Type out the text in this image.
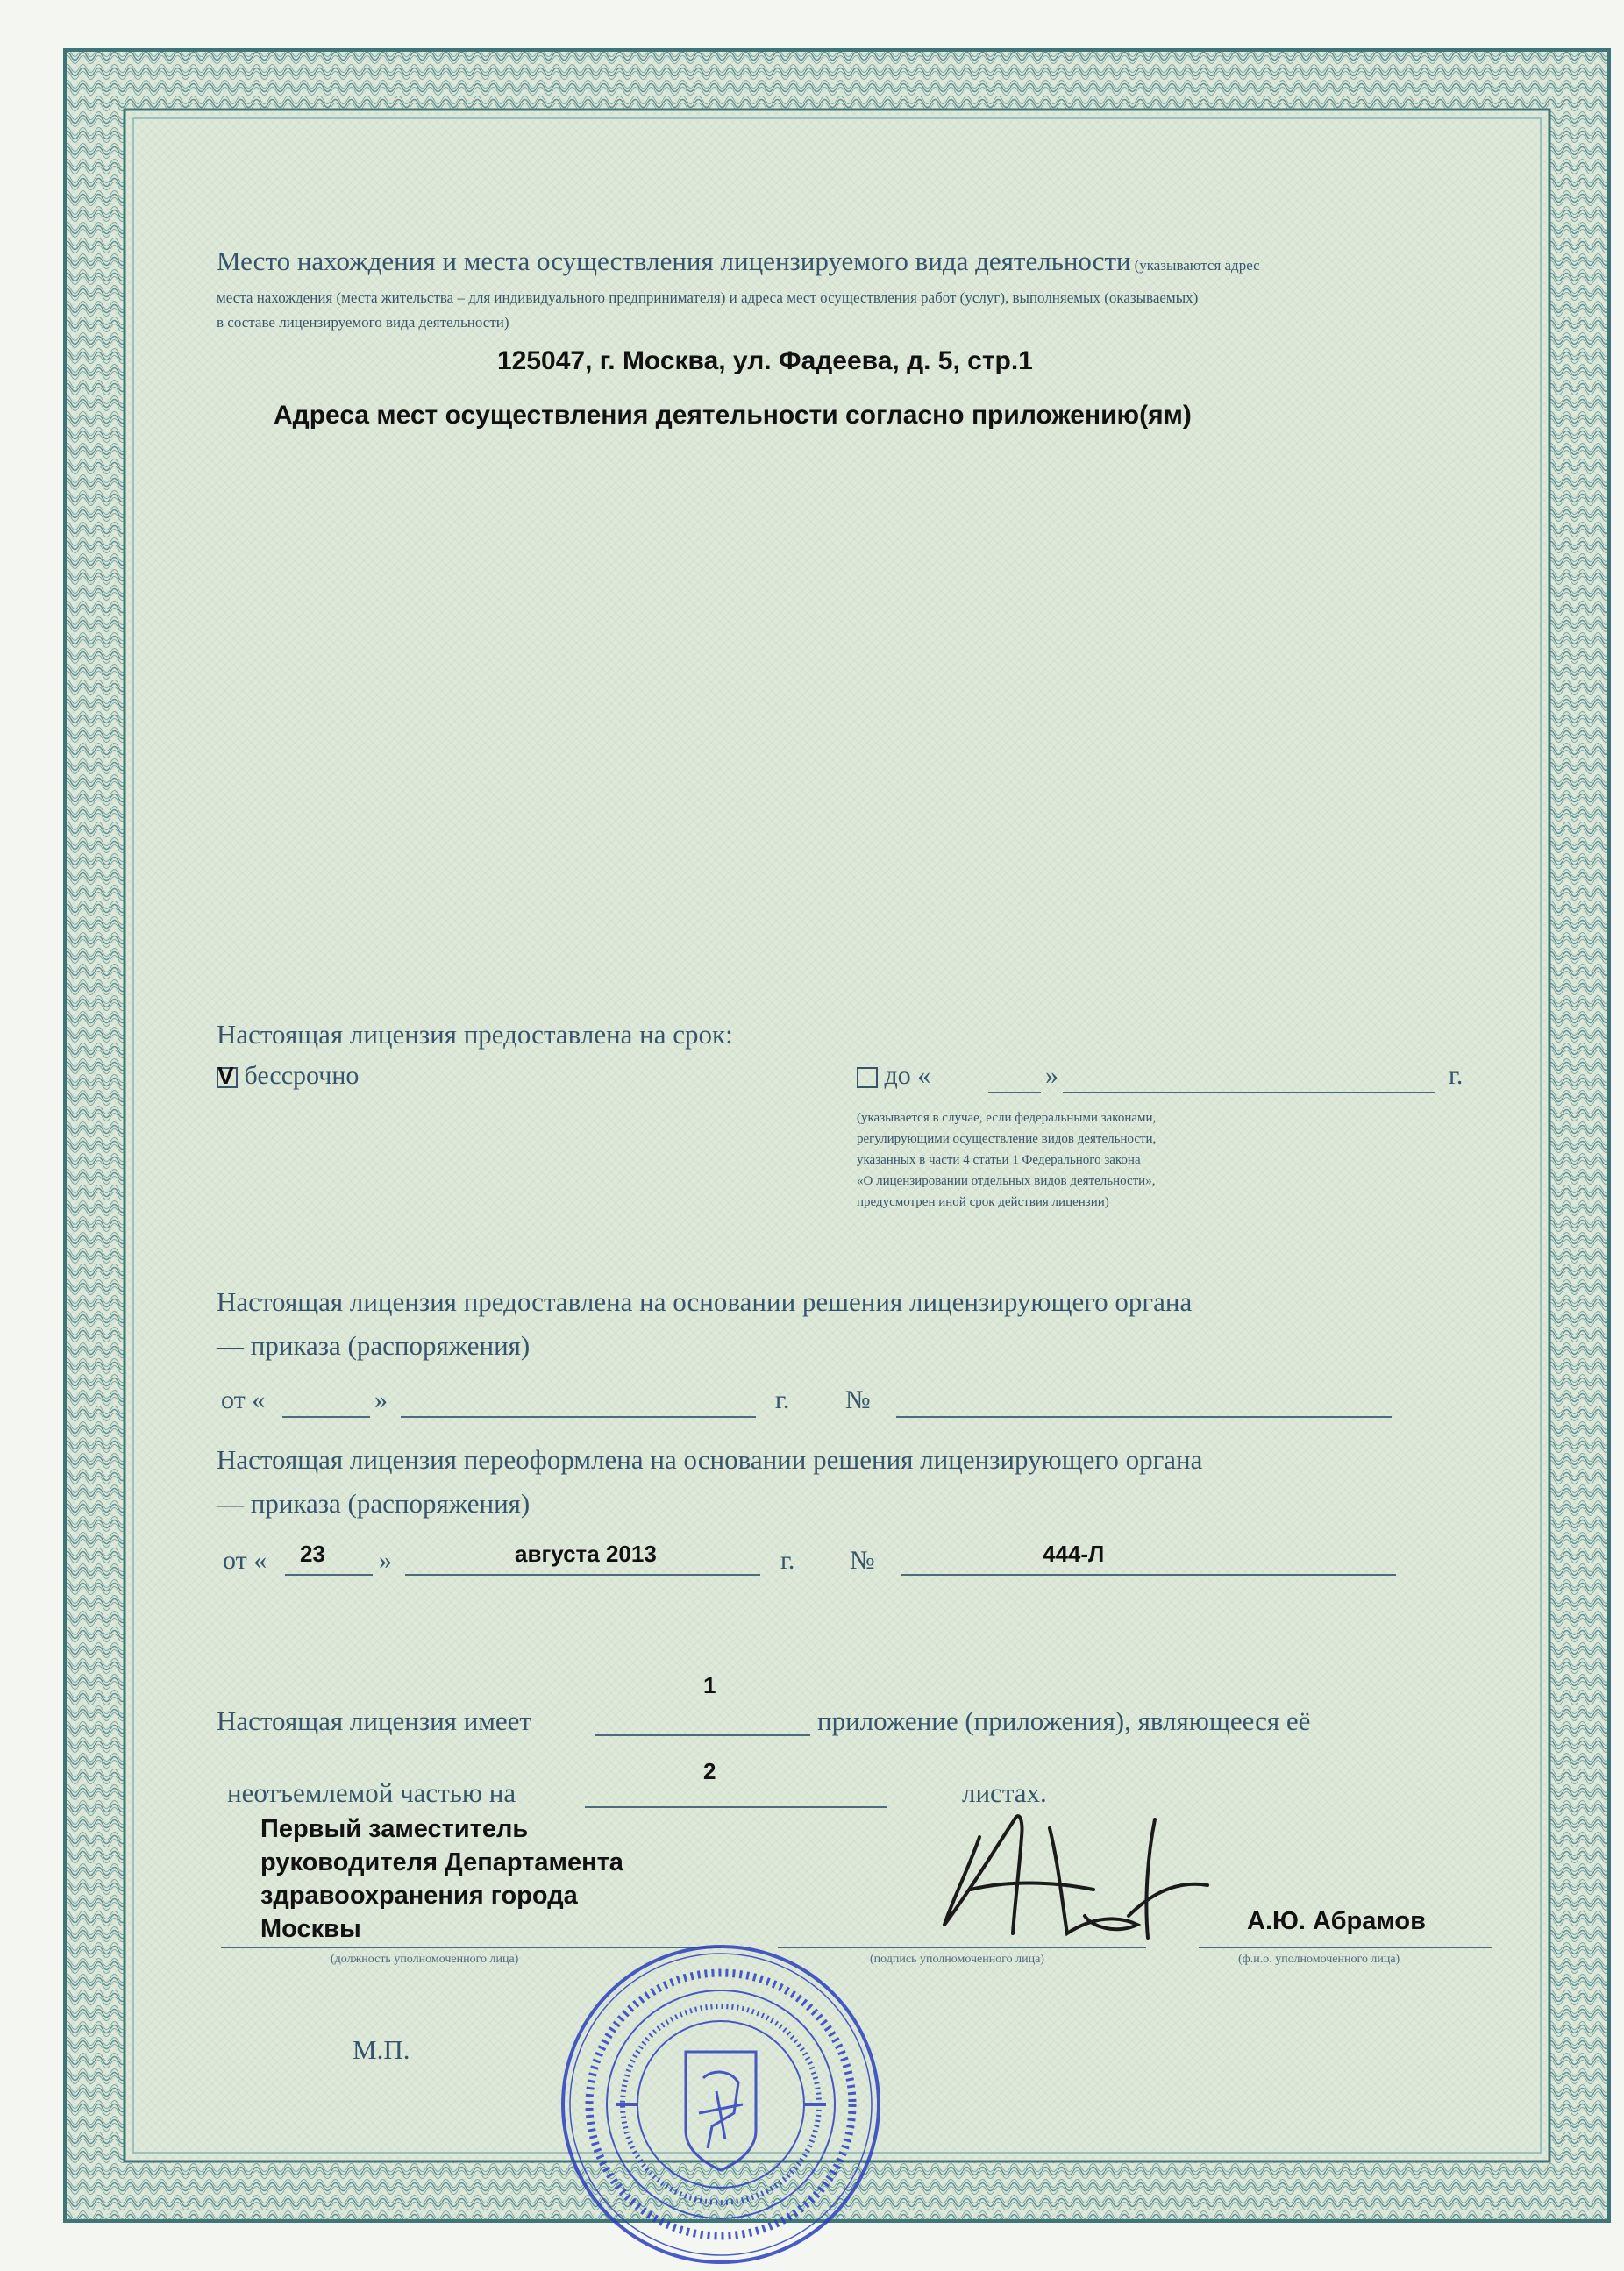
Место нахождения и места осуществления лицензируемого вида деятельности (указываются адрес
места нахождения (места жительства – для индивидуального предпринимателя) и адреса мест осуществления работ (услуг), выполняемых (оказываемых)
в составе лицензируемого вида деятельности)
125047, г. Москва, ул. Фадеева, д. 5, стр.1
Адреса мест осуществления деятельности согласно приложению(ям)
Настоящая лицензия предоставлена на срок:
V бессрочно	до «	»	г.
(указывается в случае, если федеральными законами,
регулирующими осуществление видов деятельности,
указанных в части 4 статьи 1 Федерального закона
«О лицензировании отдельных видов деятельности»,
предусмотрен иной срок действия лицензии)
Настоящая лицензия предоставлена на основании решения лицензирующего органа
— приказа (распоряжения)
от «	»	г. №
Настоящая лицензия переоформлена на основании решения лицензирующего органа
— приказа (распоряжения)
от « 23 »	августа 2013	г. №	444-Л
1
Настоящая лицензия имеет	приложение (приложения), являющееся её
2
неотъемлемой частью на	листах.
Первый заместитель
руководителя Департамента
здравоохранения города
Москвы	А.Ю. Абрамов
(должность уполномоченного лица)	(подпись уполномоченного лица)	(ф.и.о. уполномоченного лица)
М.П.
